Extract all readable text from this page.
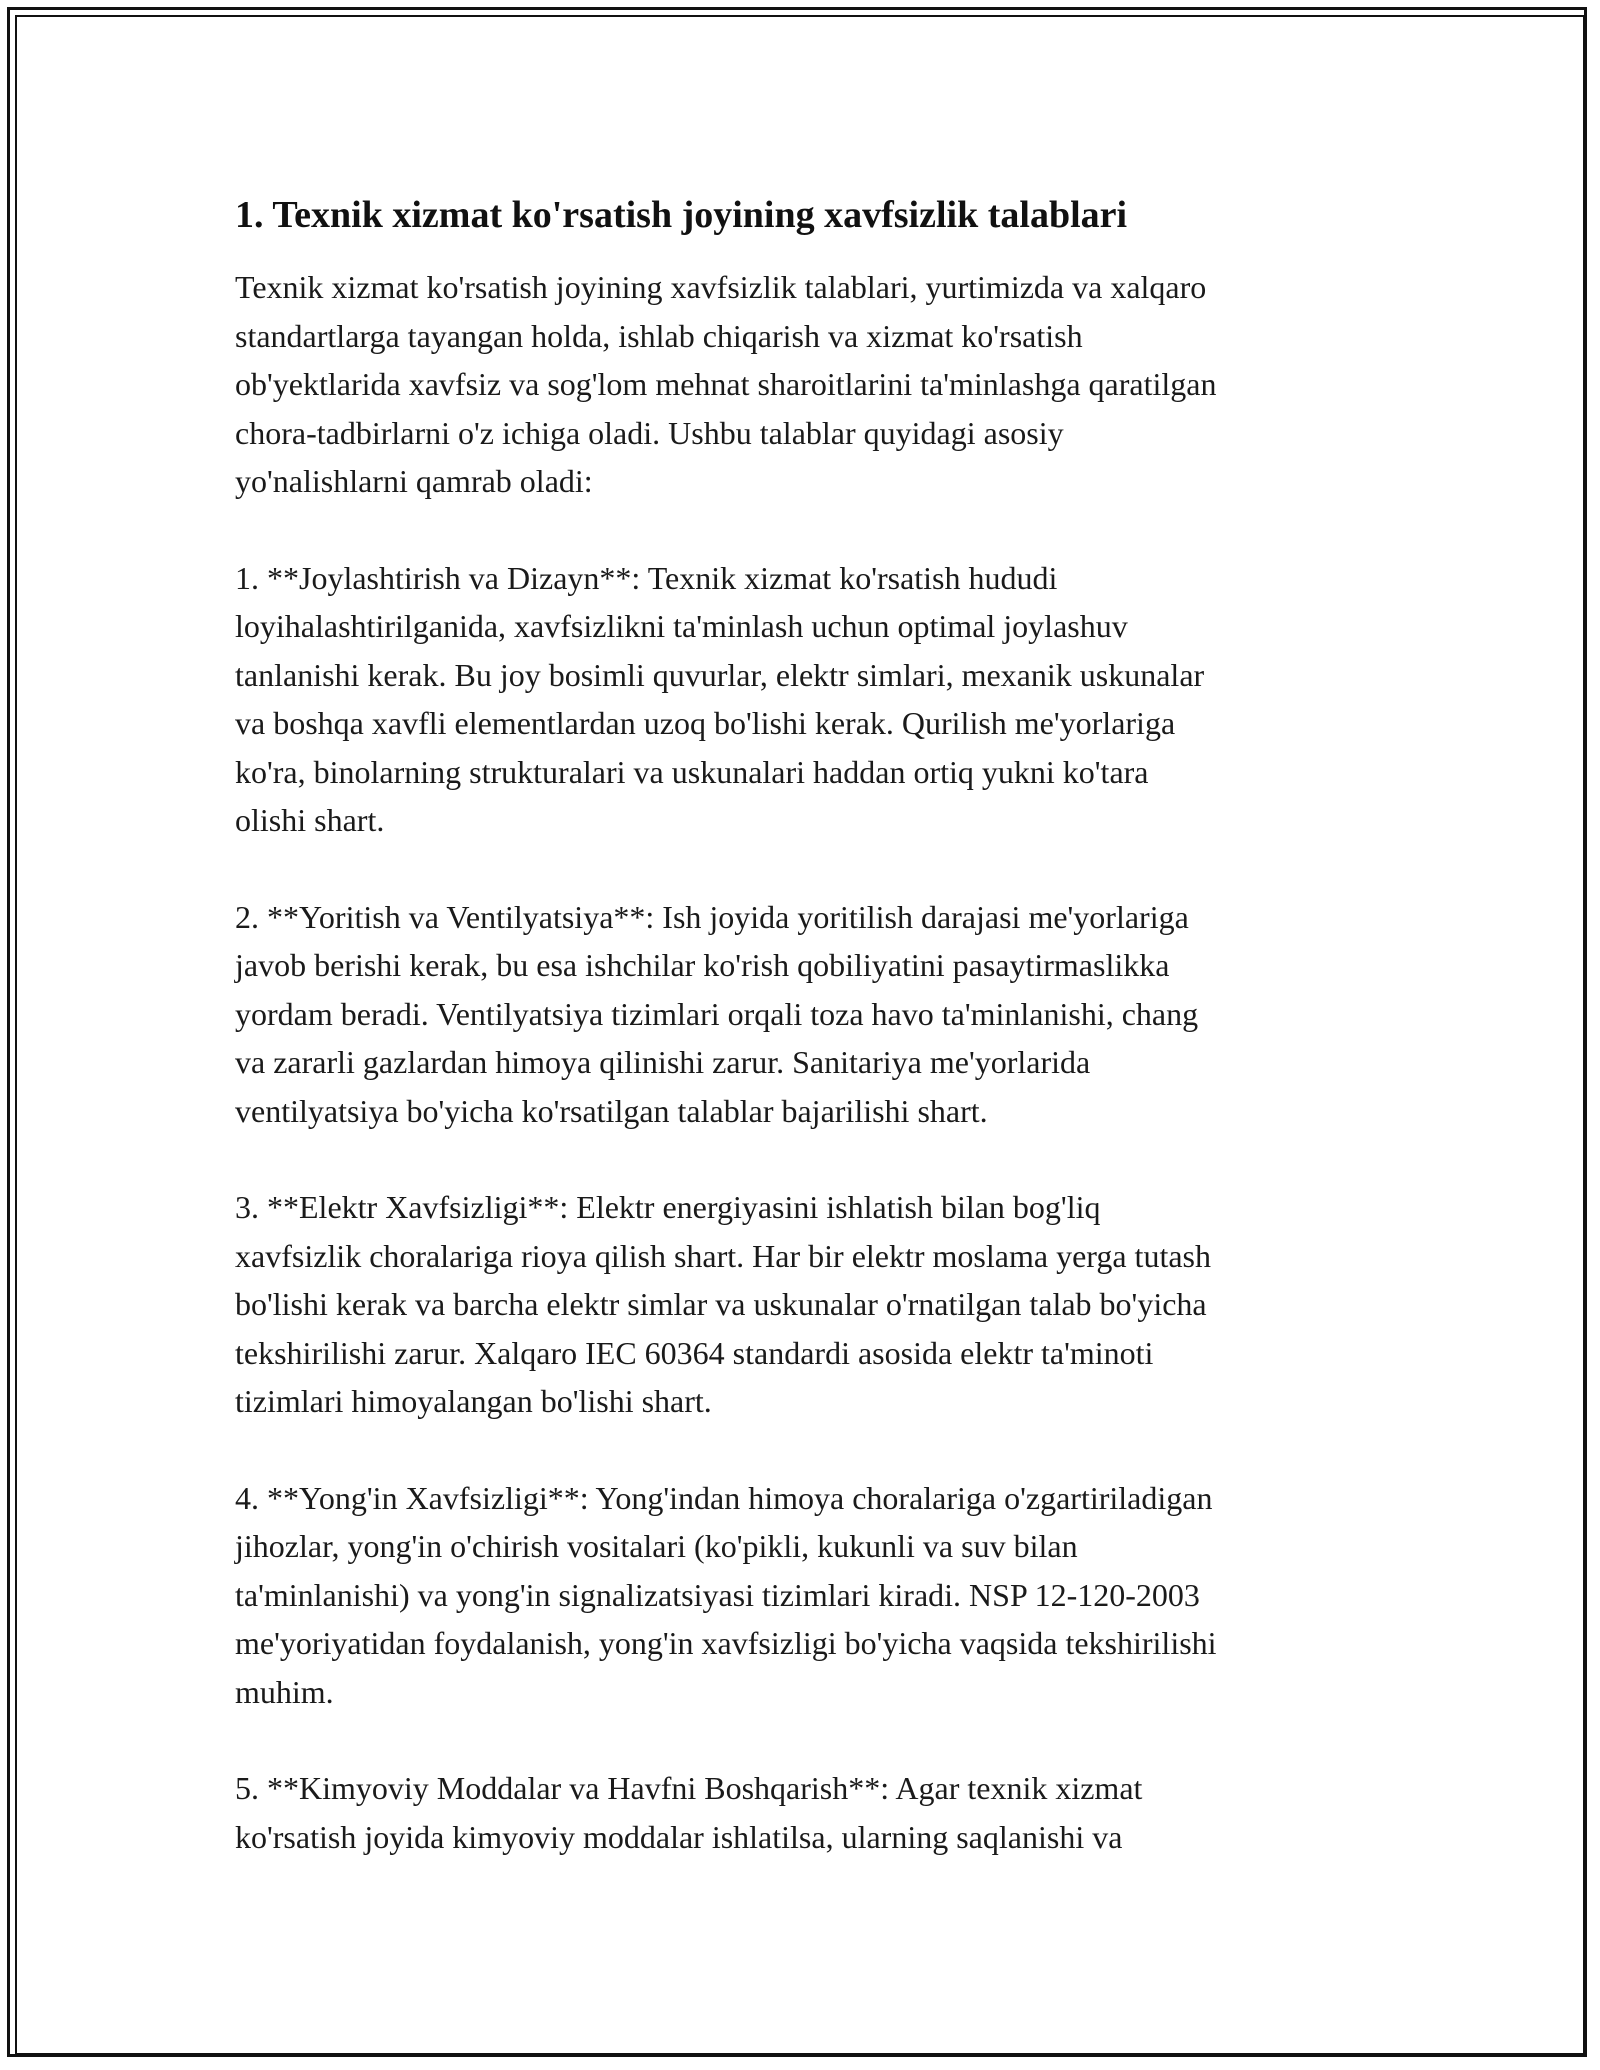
1. Texnik xizmat ko'rsatish joyining xavfsizlik talablari

Texnik xizmat ko'rsatish joyining xavfsizlik talablari, yurtimizda va xalqaro
standartlarga tayangan holda, ishlab chiqarish va xizmat ko'rsatish
ob'yektlarida xavfsiz va sog'lom mehnat sharoitlarini ta'minlashga qaratilgan
chora-tadbirlarni o'z ichiga oladi. Ushbu talablar quyidagi asosiy
yo'nalishlarni qamrab oladi:

1. **Joylashtirish va Dizayn**: Texnik xizmat ko'rsatish hududi
loyihalashtirilganida, xavfsizlikni ta'minlash uchun optimal joylashuv
tanlanishi kerak. Bu joy bosimli quvurlar, elektr simlari, mexanik uskunalar
va boshqa xavfli elementlardan uzoq bo'lishi kerak. Qurilish me'yorlariga
ko'ra, binolarning strukturalari va uskunalari haddan ortiq yukni ko'tara
olishi shart.

2. **Yoritish va Ventilyatsiya**: Ish joyida yoritilish darajasi me'yorlariga
javob berishi kerak, bu esa ishchilar ko'rish qobiliyatini pasaytirmaslikka
yordam beradi. Ventilyatsiya tizimlari orqali toza havo ta'minlanishi, chang
va zararli gazlardan himoya qilinishi zarur. Sanitariya me'yorlarida
ventilyatsiya bo'yicha ko'rsatilgan talablar bajarilishi shart.

3. **Elektr Xavfsizligi**: Elektr energiyasini ishlatish bilan bog'liq
xavfsizlik choralariga rioya qilish shart. Har bir elektr moslama yerga tutash
bo'lishi kerak va barcha elektr simlar va uskunalar o'rnatilgan talab bo'yicha
tekshirilishi zarur. Xalqaro IEC 60364 standardi asosida elektr ta'minoti
tizimlari himoyalangan bo'lishi shart.

4. **Yong'in Xavfsizligi**: Yong'indan himoya choralariga o'zgartiriladigan
jihozlar, yong'in o'chirish vositalari (ko'pikli, kukunli va suv bilan
ta'minlanishi) va yong'in signalizatsiyasi tizimlari kiradi. NSP 12-120-2003
me'yoriyatidan foydalanish, yong'in xavfsizligi bo'yicha vaqsida tekshirilishi
muhim.

5. **Kimyoviy Moddalar va Havfni Boshqarish**: Agar texnik xizmat
ko'rsatish joyida kimyoviy moddalar ishlatilsa, ularning saqlanishi va
